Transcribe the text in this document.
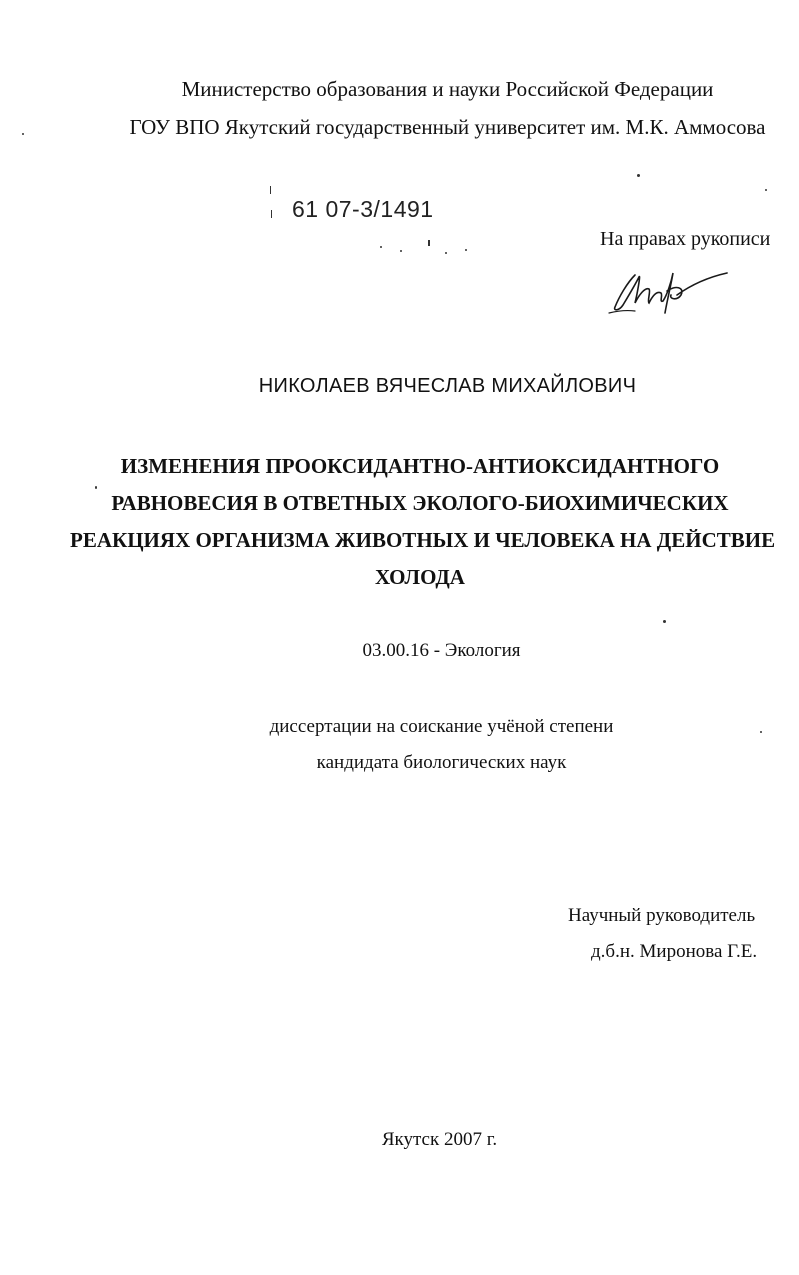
Министерство образования и науки Российской Федерации
ГОУ ВПО Якутский государственный университет им. М.К. Аммосова
61 07-3/1491
На правах рукописи
НИКОЛАЕВ ВЯЧЕСЛАВ МИХАЙЛОВИЧ
ИЗМЕНЕНИЯ ПРООКСИДАНТНО-АНТИОКСИДАНТНОГО
РАВНОВЕСИЯ В ОТВЕТНЫХ ЭКОЛОГО-БИОХИМИЧЕСКИХ
РЕАКЦИЯХ ОРГАНИЗМА ЖИВОТНЫХ И ЧЕЛОВЕКА НА ДЕЙСТВИЕ
ХОЛОДА
03.00.16 - Экология
диссертации на соискание учёной степени
кандидата биологических наук
Научный руководитель
д.б.н. Миронова Г.Е.
Якутск 2007 г.
